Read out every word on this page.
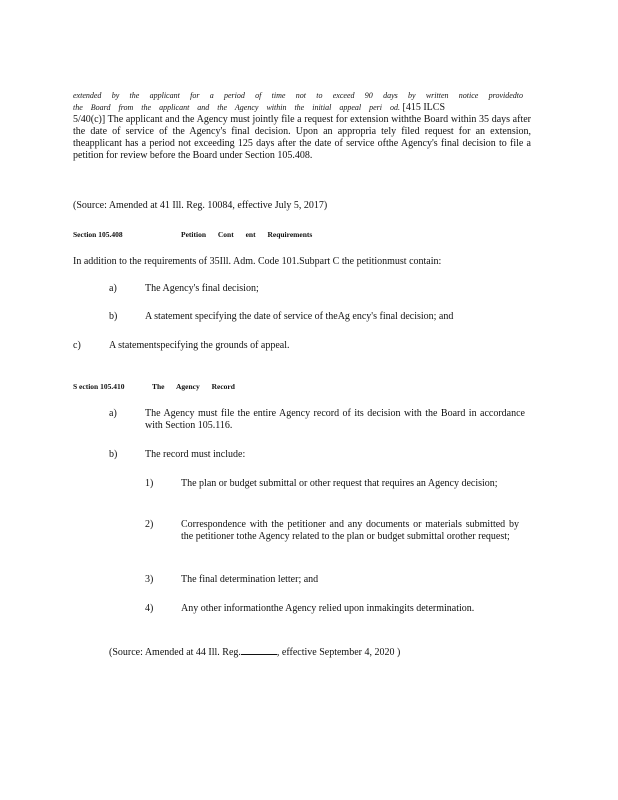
extended by the applicant for a period of time not to exceed 90 days by written notice providedto
the Board from the applicant and the Agency within the initial appeal peri od. [415 ILCS
5/40(c)] The applicant and the Agency must jointly file a request for extension withthe Board within 35 days after the date of service of the Agency's final decision. Upon an appropria tely filed request for an extension, theapplicant has a period not exceeding 125 days after the date of service ofthe Agency's final decision to file a petition for review before the Board under Section 105.408.
(Source: Amended at 41 Ill. Reg. 10084, effective July 5, 2017)
Section 105.408	Petition Cont ent Requirements
In addition to the requirements of 35Ill. Adm. Code 101.Subpart C the petitionmust contain:
a)	The Agency's final decision;
b)	A statement specifying the date of service of theAg ency's final decision; and
c)	A statementspecifying the grounds of appeal.
S ection 105.410	The Agency Record
a)	The Agency must file the entire Agency record of its decision with the Board in accordance with Section 105.116.
b)	The record must include:
1)	The plan or budget submittal or other request that requires an Agency decision;
2)	Correspondence with the petitioner and any documents or materials submitted by the petitioner tothe Agency related to the plan or budget submittal orother request;
3)	The final determination letter; and
4)	Any other informationthe Agency relied upon inmakingits determination.
(Source: Amended at 44 Ill. Reg.	, effective September 4, 2020 )
